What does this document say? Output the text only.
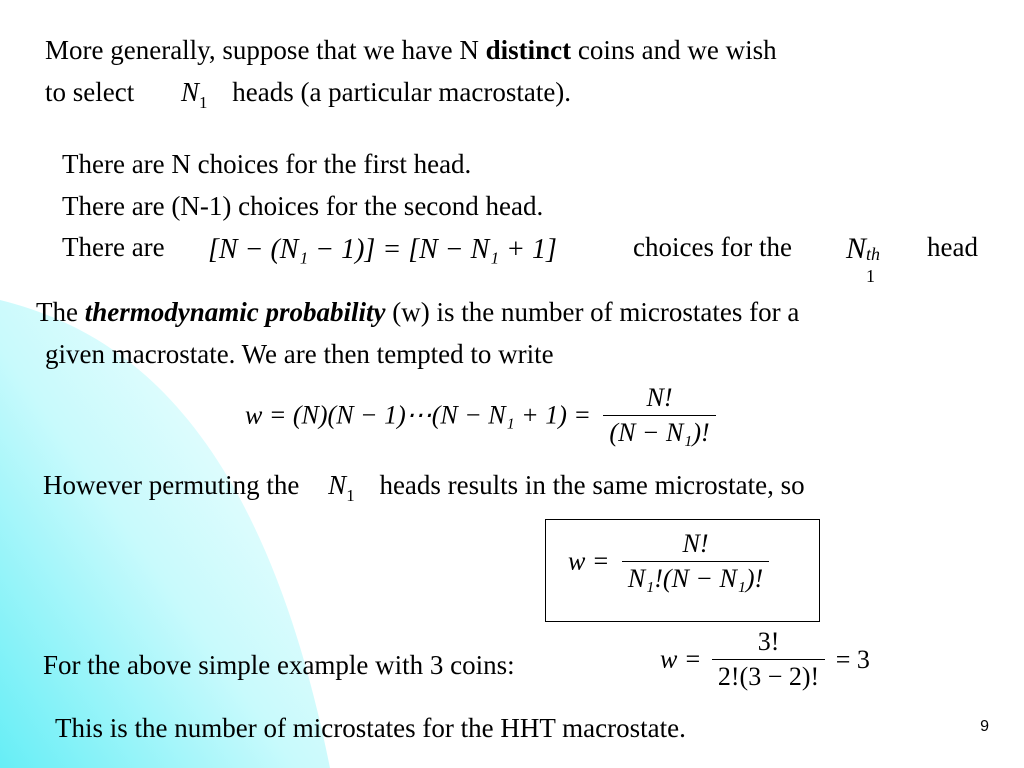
More generally, suppose that we have N distinct coins and we wish
to select $N_1$ heads (a particular macrostate).
There are N choices for the first head.
There are (N-1) choices for the second head.
There are [N − (N₁ − 1)] = [N − N₁ + 1]	choices for the N th
1
head
The thermodynamic probability (w) is the number of microstates for a
given macrostate. We are then tempted to write
w = (N)(N − 1)⋯(N − $N_1 + 1) = \frac{N!}{\text{(N − N₁)!}}$
However permuting the $N_1$ heads results in the same microstate, so
$w = \frac{N!}{\text{N₁!(N − N₁)!}}$
For the above simple example with 3 coins:	$w = \frac{3!}{2!(3 - 2)!} = 3$
This is the number of microstates for the HHT macrostate.	9
